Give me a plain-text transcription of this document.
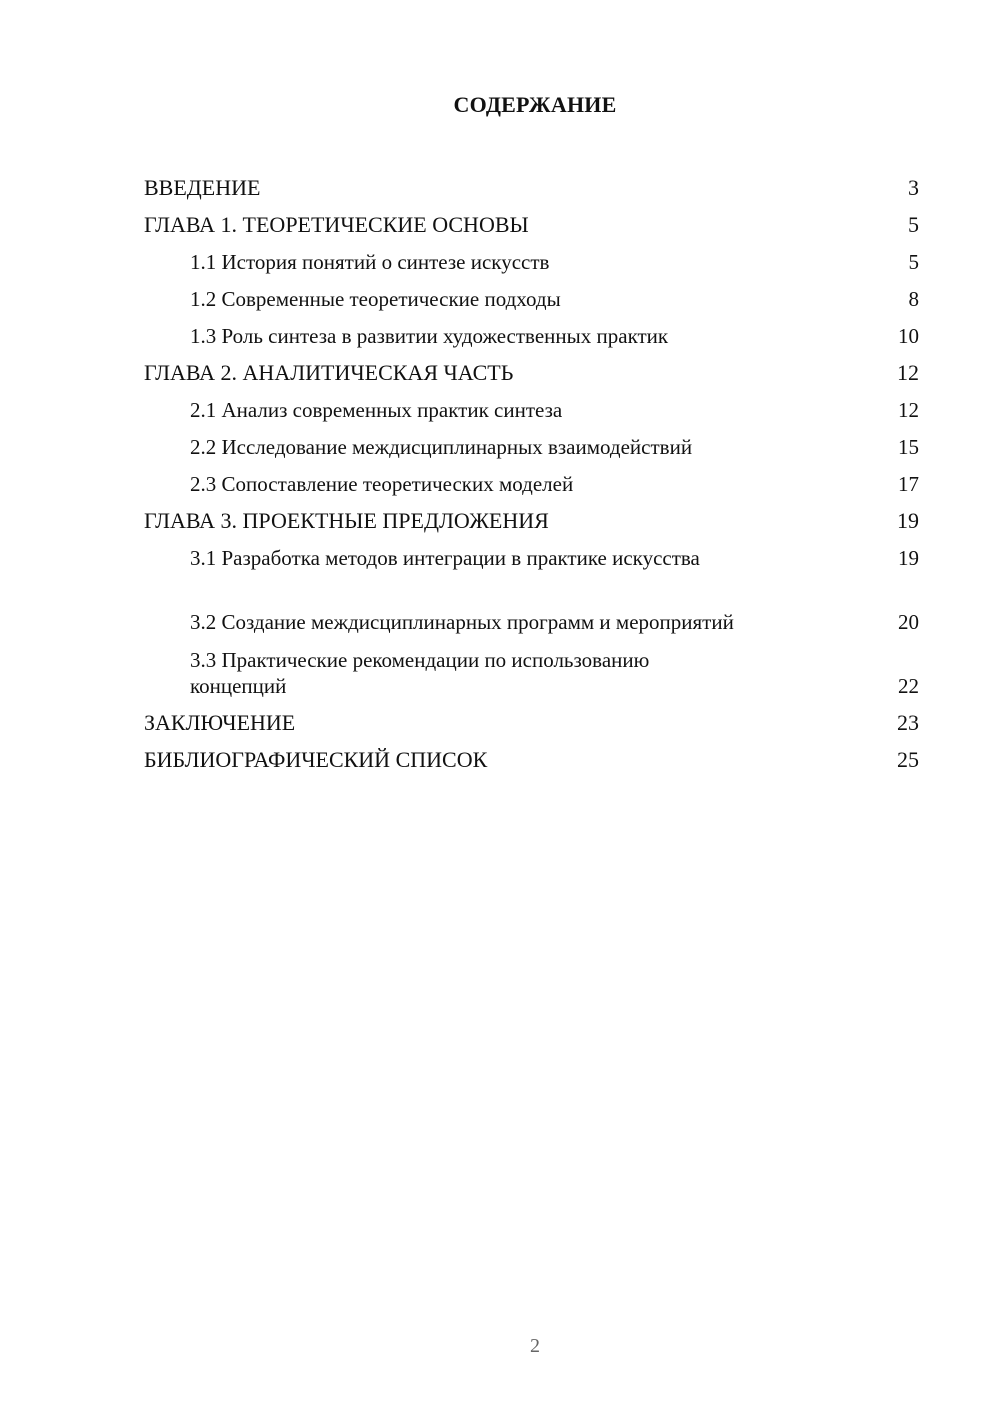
СОДЕРЖАНИЕ
ВВЕДЕНИЕ	3
ГЛАВА 1. ТЕОРЕТИЧЕСКИЕ ОСНОВЫ	5
1.1 История понятий о синтезе искусств	5
1.2 Современные теоретические подходы	8
1.3 Роль синтеза в развитии художественных практик	10
ГЛАВА 2. АНАЛИТИЧЕСКАЯ ЧАСТЬ	12
2.1 Анализ современных практик синтеза	12
2.2 Исследование междисциплинарных взаимодействий	15
2.3 Сопоставление теоретических моделей	17
ГЛАВА 3. ПРОЕКТНЫЕ ПРЕДЛОЖЕНИЯ	19
3.1 Разработка методов интеграции в практике искусства	19
3.2 Создание междисциплинарных программ и мероприятий	20
3.3 Практические рекомендации по использованию концепций	22
ЗАКЛЮЧЕНИЕ	23
БИБЛИОГРАФИЧЕСКИЙ СПИСОК	25
2
